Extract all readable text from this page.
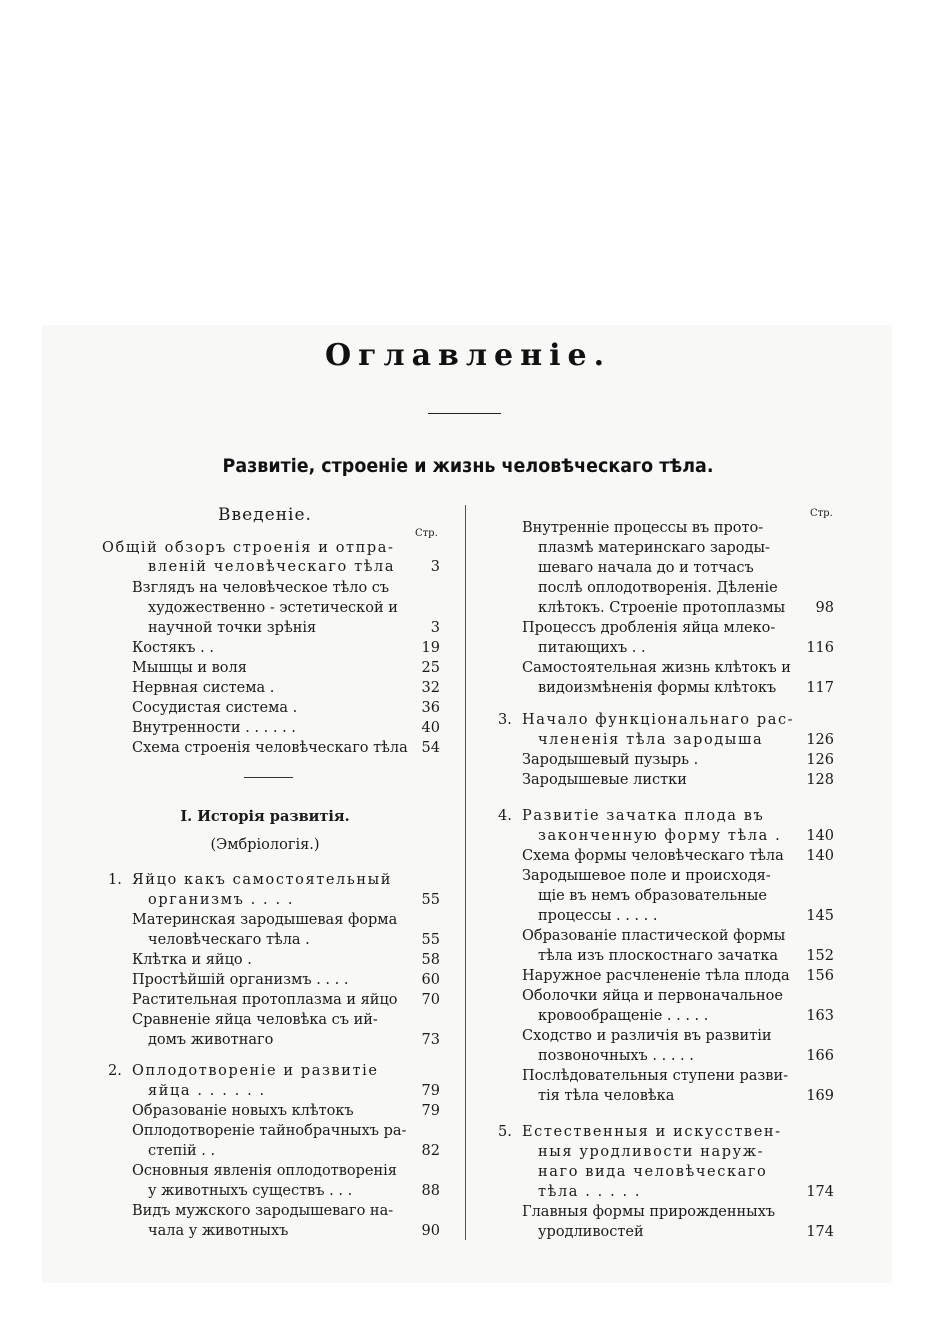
Оглавленіе.
Развитіе, строеніе и жизнь человѣческаго тѣла.
Введеніе.
Стр.
Общій обзоръ строенія и отпра-
вленій человѣческаго тѣла	3
Взглядъ на человѣческое тѣло съ
художественно - эстетической и
научной точки зрѣнія	3
Костякъ . .	19
Мышцы и воля	25
Нервная система .	32
Сосудистая система .	36
Внутренности . . . . . .	40
Схема строенія человѣческаго тѣла 54
I. Исторія развитія.
(Эмбріологія.)
1. Яйцо какъ самостоятельный
организмъ . . . .	55
Материнская зародышевая форма
человѣческаго тѣла .	55
Клѣтка и яйцо .	58
Простѣйшій организмъ . . . .	60
Растительная протоплазма и яйцо	70
Сравненіе яйца человѣка съ ий-
домъ животнаго	73
2. Оплодотвореніе и развитіе
яйца . . . . . .	79
Образованіе новыхъ клѣтокъ	79
Оплодотвореніе тайнобрачныхъ ра-
степій . .	82
Основныя явленія оплодотворенія
у животныхъ существъ . . .	88
Видъ мужского зародышеваго на-
чала у животныхъ	90
Стр.
Внутренніе процессы въ прото-
плазмѣ материнскаго зароды-
шеваго начала до и тотчасъ
послѣ оплодотворенія. Дѣленіе
клѣтокъ. Строеніе протоплазмы	98
Процессъ дробленія яйца млеко-
питающихъ . .	116
Самостоятельная жизнь клѣтокъ и
видоизмѣненія формы клѣтокъ	117
3. Начало функціональнаго рас-
члененія тѣла зародыша	126
Зародышевый пузырь .	126
Зародышевые листки	128
4. Развитіе зачатка плода въ
законченную форму тѣла .	140
Схема формы человѣческаго тѣла	140
Зародышевое поле и происходя-
щіе въ немъ образовательные
процессы . . . . .	145
Образованіе пластической формы
тѣла изъ плоскостнаго зачатка	152
Наружное расчлененіе тѣла плода	156
Оболочки яйца и первоначальное
кровообращеніе . . . . .	163
Сходство и различія въ развитіи
позвоночныхъ . . . . .	166
Послѣдовательныя ступени разви-
тія тѣла человѣка	169
5. Естественныя и искусствен-
ныя уродливости наруж-
наго вида человѣческаго
тѣла . . . . .	174
Главныя формы прирожденныхъ
уродливостей	174
